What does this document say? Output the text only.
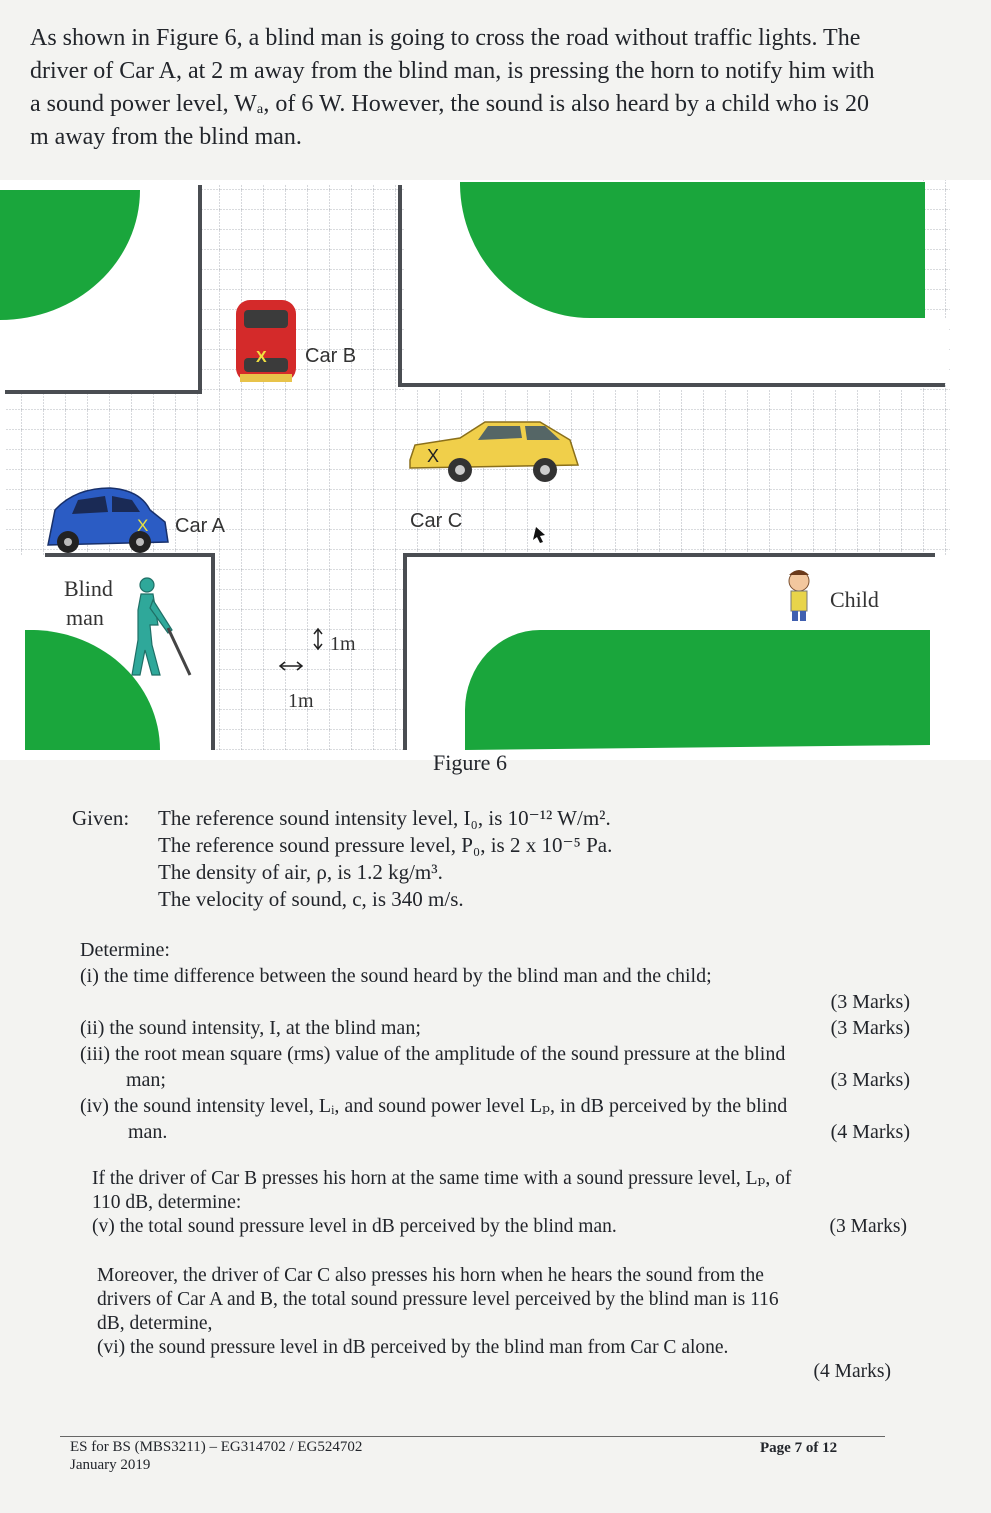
As shown in Figure 6, a blind man is going to cross the road without traffic lights. The
driver of Car A, at 2 m away from the blind man, is pressing the horn to notify him with
a sound power level, Wₐ, of 6 W. However, the sound is also heard by a child who is 20
m away from the blind man.
X Car B
X
Car C
X Car A
Blind
man
Child
1m
1m
Figure 6
Given: The reference sound intensity level, I₀, is 10⁻¹² W/m².
The reference sound pressure level, P₀, is 2 x 10⁻⁵ Pa.
The density of air, ρ, is 1.2 kg/m³.
The velocity of sound, c, is 340 m/s.
Determine:
(i) the time difference between the sound heard by the blind man and the child;
(3 Marks)
(ii) the sound intensity, I, at the blind man;	(3 Marks)
(iii) the root mean square (rms) value of the amplitude of the sound pressure at the blind
man;	(3 Marks)
(iv) the sound intensity level, Lᵢ, and sound power level Lₚ, in dB perceived by the blind
man.	(4 Marks)
If the driver of Car B presses his horn at the same time with a sound pressure level, Lₚ, of
110 dB, determine:
(v) the total sound pressure level in dB perceived by the blind man.	(3 Marks)
Moreover, the driver of Car C also presses his horn when he hears the sound from the
drivers of Car A and B, the total sound pressure level perceived by the blind man is 116
dB, determine,
(vi) the sound pressure level in dB perceived by the blind man from Car C alone.
(4 Marks)
ES for BS (MBS3211) – EG314702 / EG524702
January 2019
Page 7 of 12
